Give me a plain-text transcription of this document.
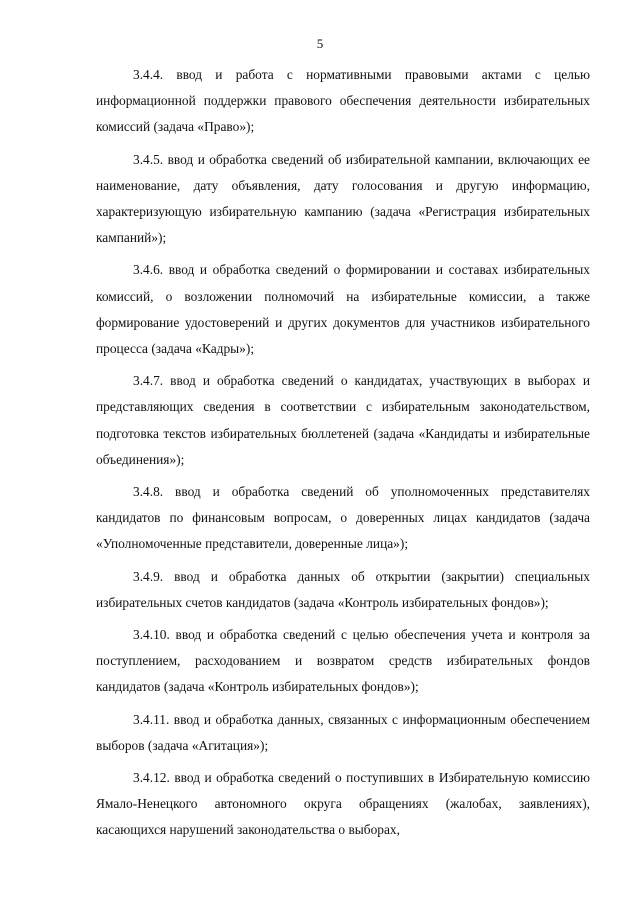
5

3.4.4. ввод и работа с нормативными правовыми актами с целью информационной поддержки правового обеспечения деятельности избирательных комиссий (задача «Право»);

3.4.5. ввод и обработка сведений об избирательной кампании, включающих ее наименование, дату объявления, дату голосования и другую информацию, характеризующую избирательную кампанию (задача «Регистрация избирательных кампаний»);

3.4.6. ввод и обработка сведений о формировании и составах избирательных комиссий, о возложении полномочий на избирательные комиссии, а также формирование удостоверений и других документов для участников избирательного процесса (задача «Кадры»);

3.4.7. ввод и обработка сведений о кандидатах, участвующих в выборах и представляющих сведения в соответствии с избирательным законодательством, подготовка текстов избирательных бюллетеней (задача «Кандидаты и избирательные объединения»);

3.4.8. ввод и обработка сведений об уполномоченных представителях кандидатов по финансовым вопросам, о доверенных лицах кандидатов (задача «Уполномоченные представители, доверенные лица»);

3.4.9. ввод и обработка данных об открытии (закрытии) специальных избирательных счетов кандидатов (задача «Контроль избирательных фондов»);

3.4.10. ввод и обработка сведений с целью обеспечения учета и контроля за поступлением, расходованием и возвратом средств избирательных фондов кандидатов (задача «Контроль избирательных фондов»);

3.4.11. ввод и обработка данных, связанных с информационным обеспечением выборов (задача «Агитация»);

3.4.12. ввод и обработка сведений о поступивших в Избирательную комиссию Ямало-Ненецкого автономного округа обращениях (жалобах, заявлениях), касающихся нарушений законодательства о выборах,
